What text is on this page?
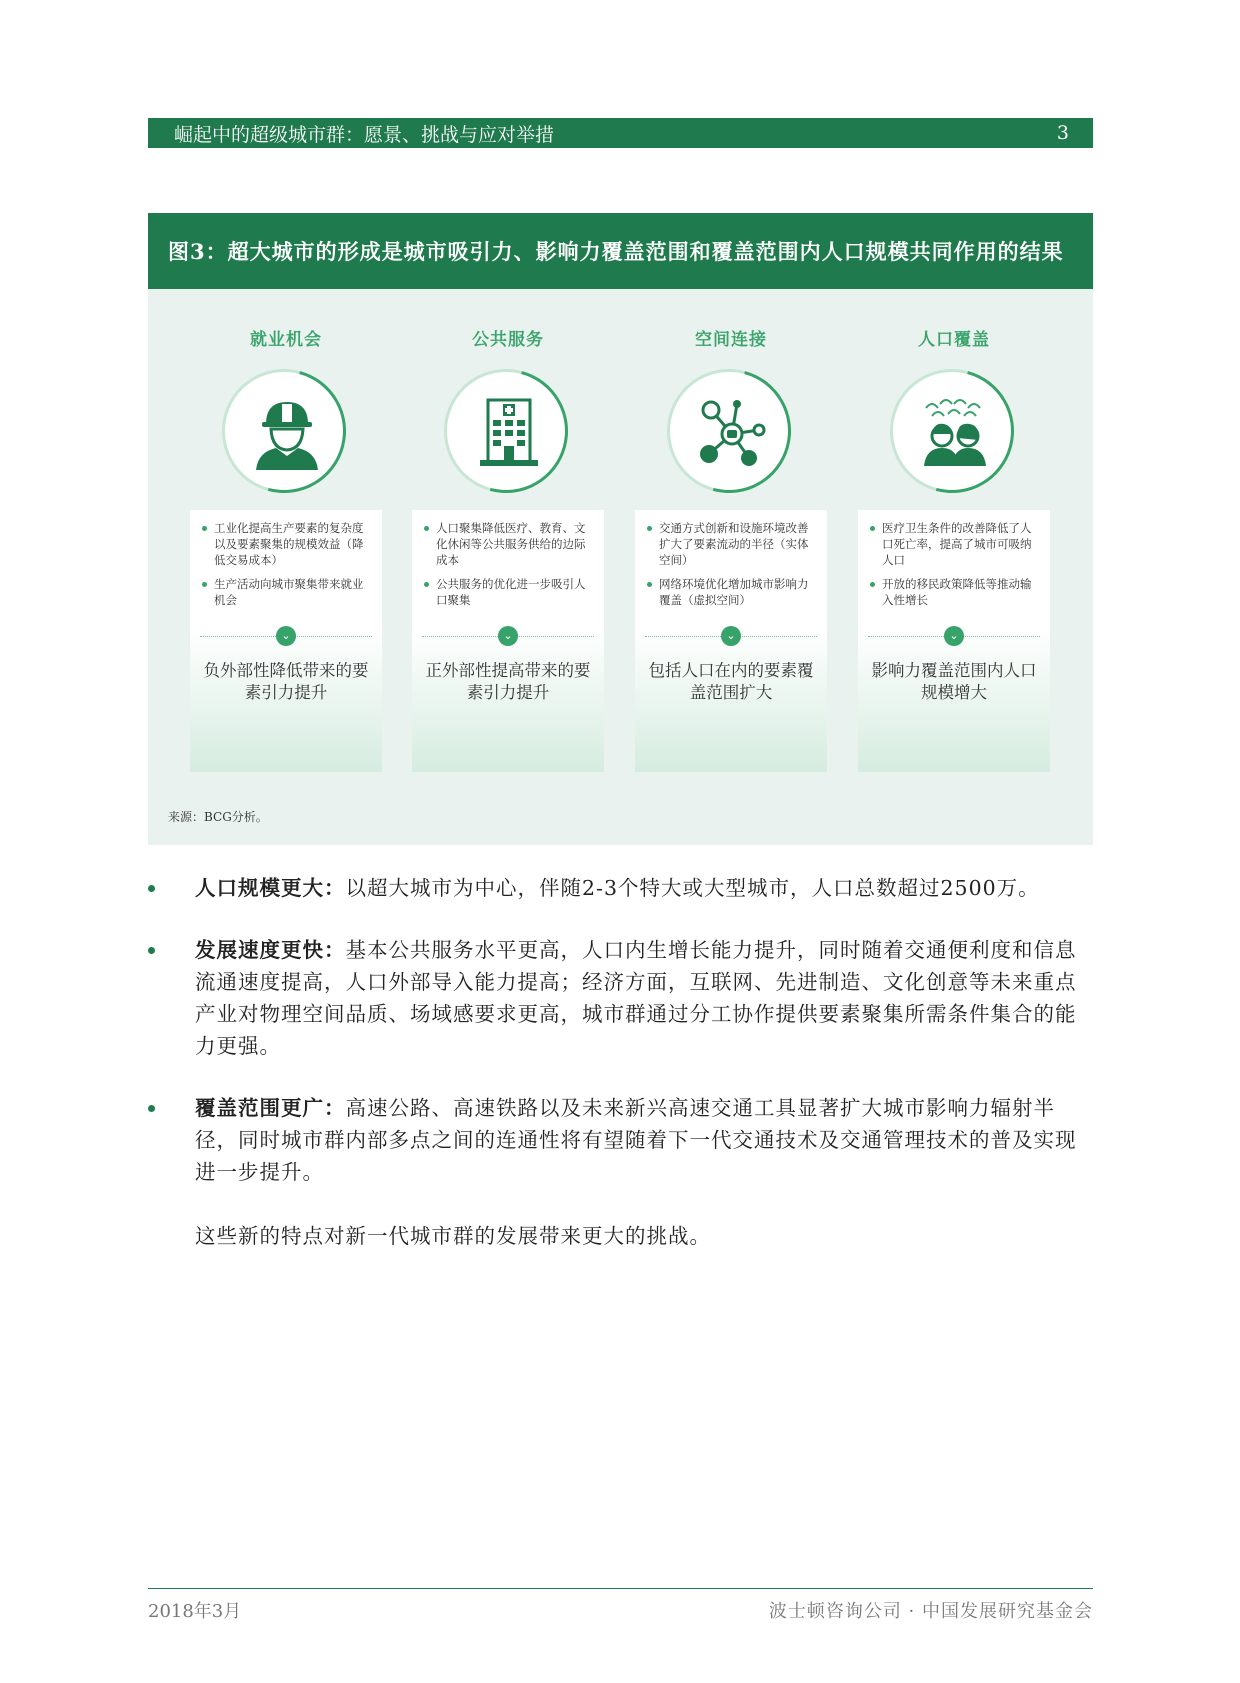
崛起中的超级城市群：愿景、挑战与应对举措	3
图3：超大城市的形成是城市吸引力、影响力覆盖范围和覆盖范围内人口规模共同作用的结果
就业机会
工业化提高生产要素的复杂度以及要素聚集的规模效益（降低交易成本）
生产活动向城市聚集带来就业机会
⌄
负外部性降低带来的要素引力提升
公共服务
人口聚集降低医疗、教育、文化休闲等公共服务供给的边际成本
公共服务的优化进一步吸引人口聚集
⌄
正外部性提高带来的要素引力提升
空间连接
交通方式创新和设施环境改善扩大了要素流动的半径（实体空间）
网络环境优化增加城市影响力覆盖（虚拟空间）
⌄
包括人口在内的要素覆盖范围扩大
人口覆盖
医疗卫生条件的改善降低了人口死亡率，提高了城市可吸纳人口
开放的移民政策降低等推动输入性增长
⌄
影响力覆盖范围内人口规模增大
来源：BCG分析。
人口规模更大：以超大城市为中心，伴随2-3个特大或大型城市，人口总数超过2500万。
发展速度更快：基本公共服务水平更高，人口内生增长能力提升，同时随着交通便利度和信息流通速度提高，人口外部导入能力提高；经济方面，互联网、先进制造、文化创意等未来重点产业对物理空间品质、场域感要求更高，城市群通过分工协作提供要素聚集所需条件集合的能力更强。
覆盖范围更广：高速公路、高速铁路以及未来新兴高速交通工具显著扩大城市影响力辐射半径，同时城市群内部多点之间的连通性将有望随着下一代交通技术及交通管理技术的普及实现进一步提升。
这些新的特点对新一代城市群的发展带来更大的挑战。
2018年3月	波士顿咨询公司 · 中国发展研究基金会
